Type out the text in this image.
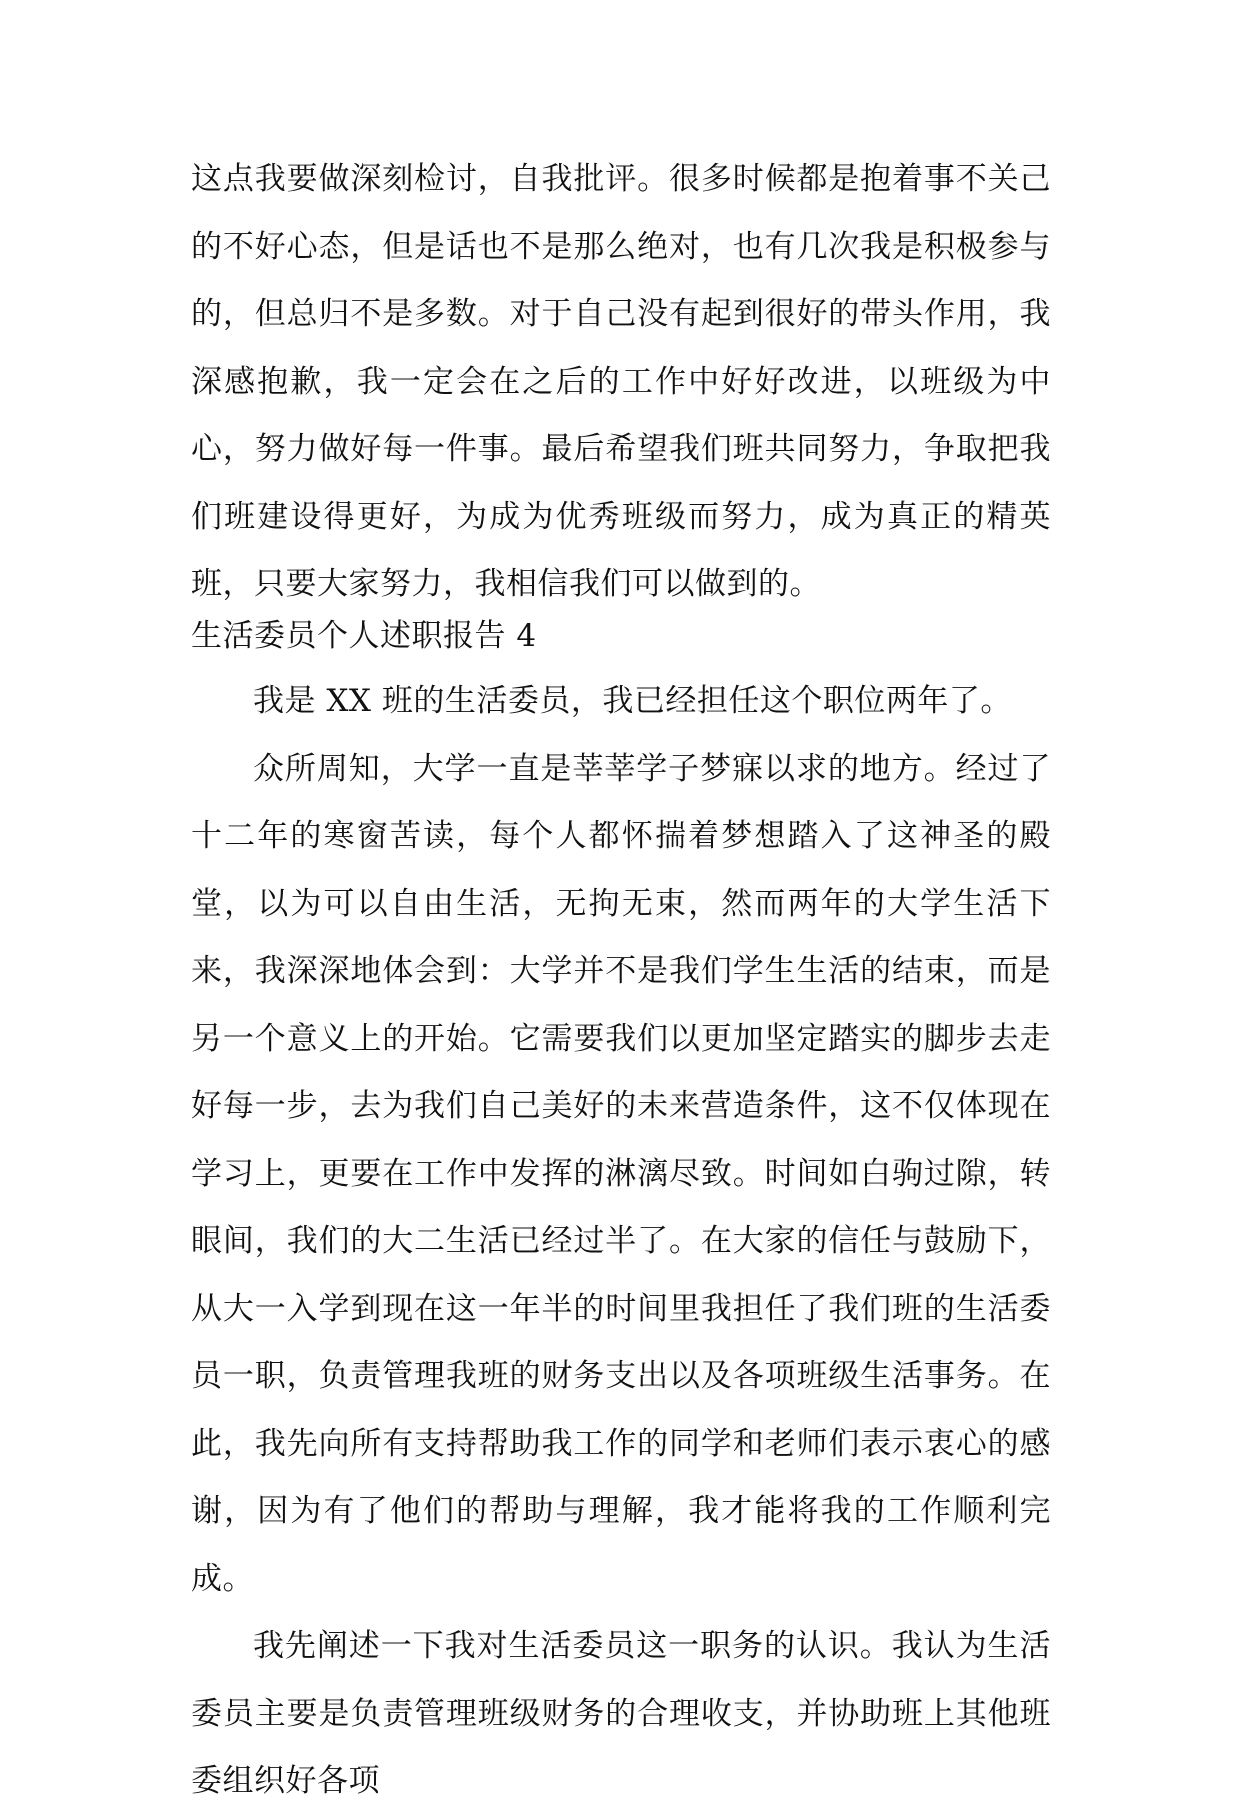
这点我要做深刻检讨，自我批评。很多时候都是抱着事不关己的不好心态，但是话也不是那么绝对，也有几次我是积极参与的，但总归不是多数。对于自己没有起到很好的带头作用，我深感抱歉，我一定会在之后的工作中好好改进，以班级为中心，努力做好每一件事。最后希望我们班共同努力，争取把我们班建设得更好，为成为优秀班级而努力，成为真正的精英班，只要大家努力，我相信我们可以做到的。

生活委员个人述职报告 4

我是 XX 班的生活委员，我已经担任这个职位两年了。

众所周知，大学一直是莘莘学子梦寐以求的地方。经过了十二年的寒窗苦读，每个人都怀揣着梦想踏入了这神圣的殿堂，以为可以自由生活，无拘无束，然而两年的大学生活下来，我深深地体会到：大学并不是我们学生生活的结束，而是另一个意义上的开始。它需要我们以更加坚定踏实的脚步去走好每一步，去为我们自己美好的未来营造条件，这不仅体现在学习上，更要在工作中发挥的淋漓尽致。时间如白驹过隙，转眼间，我们的大二生活已经过半了。在大家的信任与鼓励下，从大一入学到现在这一年半的时间里我担任了我们班的生活委员一职，负责管理我班的财务支出以及各项班级生活事务。在此，我先向所有支持帮助我工作的同学和老师们表示衷心的感谢，因为有了他们的帮助与理解，我才能将我的工作顺利完成。

我先阐述一下我对生活委员这一职务的认识。我认为生活委员主要是负责管理班级财务的合理收支，并协助班上其他班委组织好各项
